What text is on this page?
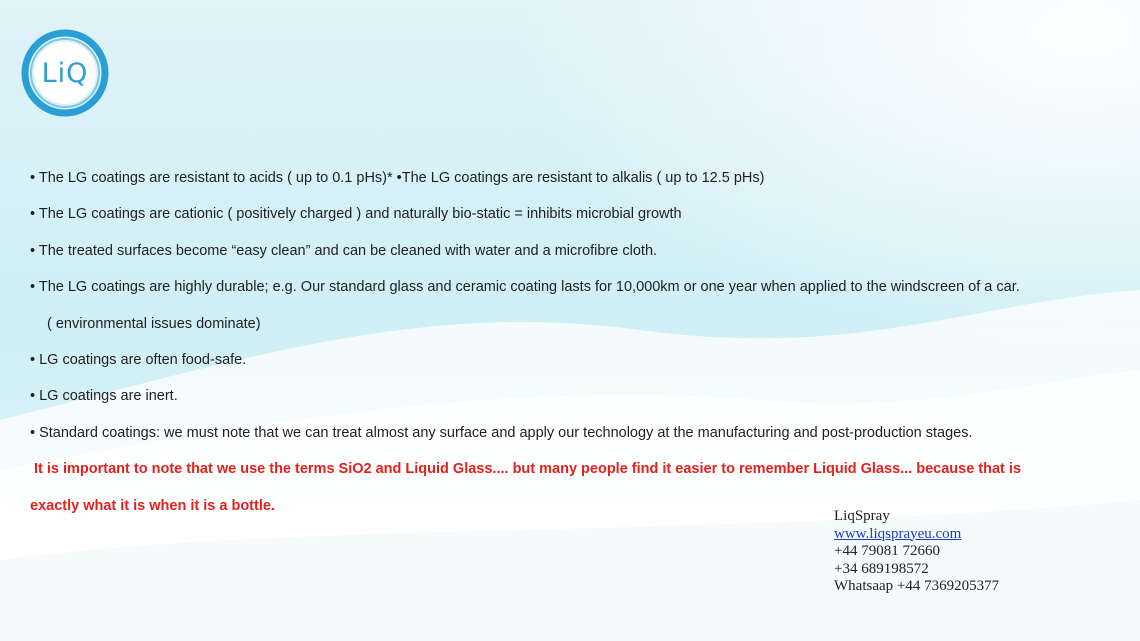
LiQ
• The LG coatings are resistant to acids ( up to 0.1 pHs)* •The LG coatings are resistant to alkalis ( up to 12.5 pHs)
• The LG coatings are cationic ( positively charged ) and naturally bio-static = inhibits microbial growth
• The treated surfaces become “easy clean” and can be cleaned with water and a microfibre cloth.
• The LG coatings are highly durable; e.g. Our standard glass and ceramic coating lasts for 10,000km or one year when applied to the windscreen of a car.
( environmental issues dominate)
• LG coatings are often food-safe.
• LG coatings are inert.
• Standard coatings: we must note that we can treat almost any surface and apply our technology at the manufacturing and post-production stages.
It is important to note that we use the terms SiO2 and Liquid Glass.... but many people find it easier to remember Liquid Glass... because that is
exactly what it is when it is a bottle.
LiqSpray
www.liqsprayeu.com
+44 79081 72660
+34 689198572
Whatsaap +44 7369205377
